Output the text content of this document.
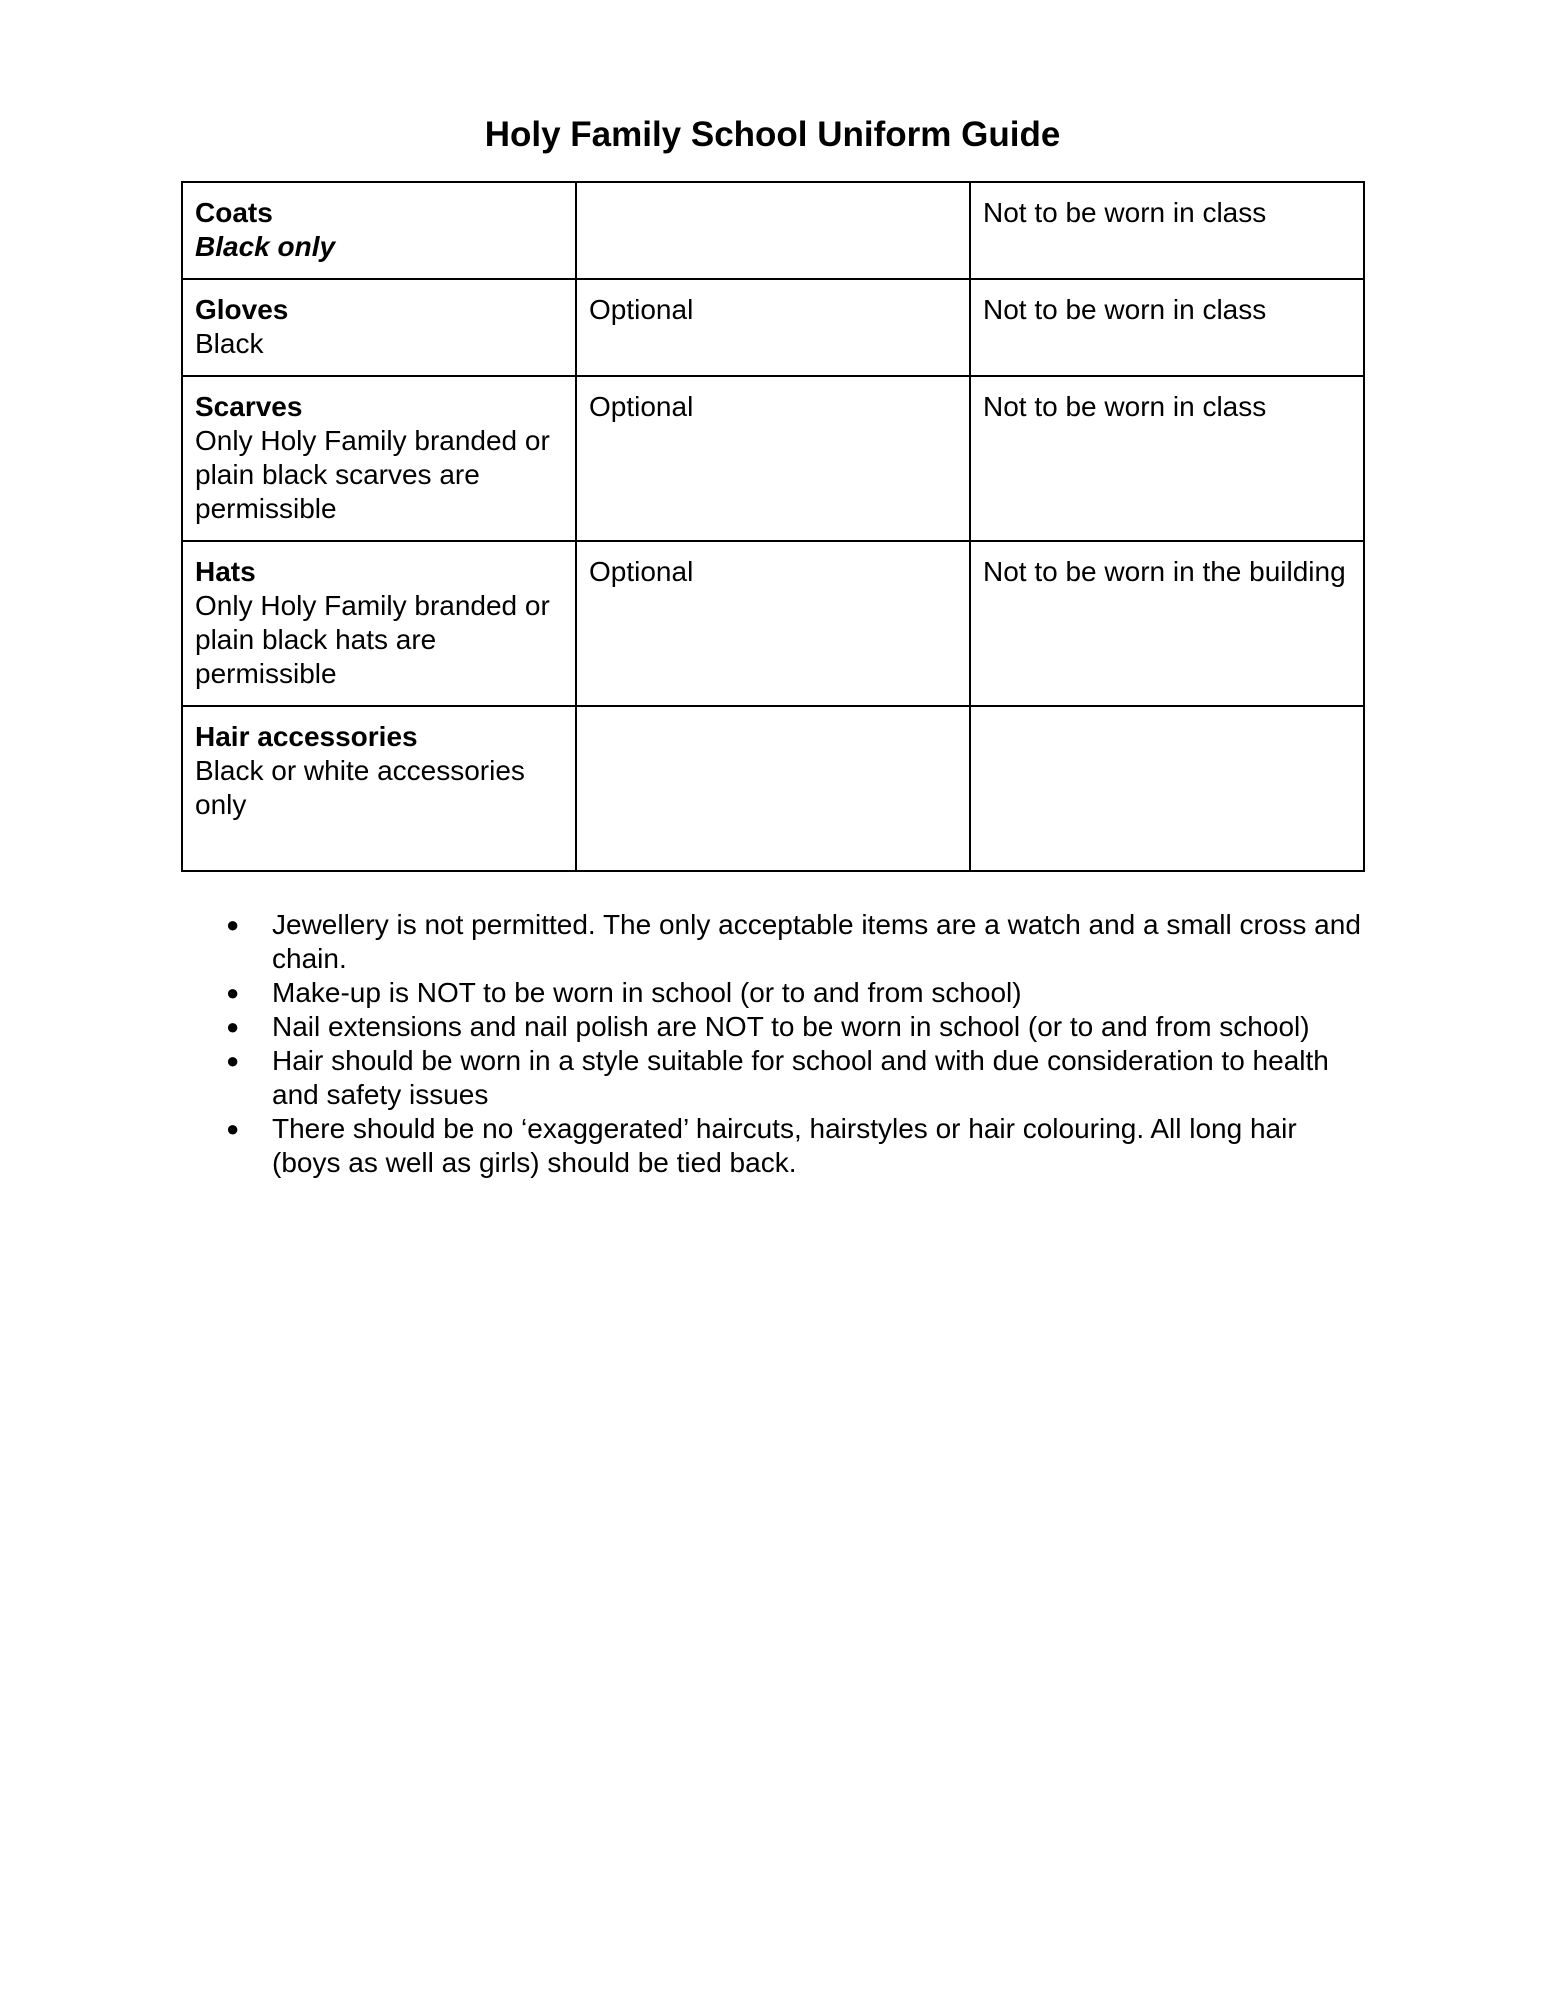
Holy Family School Uniform Guide
Coats
Black only		Not to be worn in class

Gloves
Black	Optional	Not to be worn in class

Scarves
Only Holy Family branded or plain black scarves are permissible	Optional	Not to be worn in class

Hats
Only Holy Family branded or plain black hats are permissible	Optional	Not to be worn in the building

Hair accessories
Black or white accessories only		

● Jewellery is not permitted. The only acceptable items are a watch and a small cross and chain.
● Make-up is NOT to be worn in school (or to and from school)
● Nail extensions and nail polish are NOT to be worn in school (or to and from school)
● Hair should be worn in a style suitable for school and with due consideration to health and safety issues
● There should be no ‘exaggerated’ haircuts, hairstyles or hair colouring. All long hair (boys as well as girls) should be tied back.
